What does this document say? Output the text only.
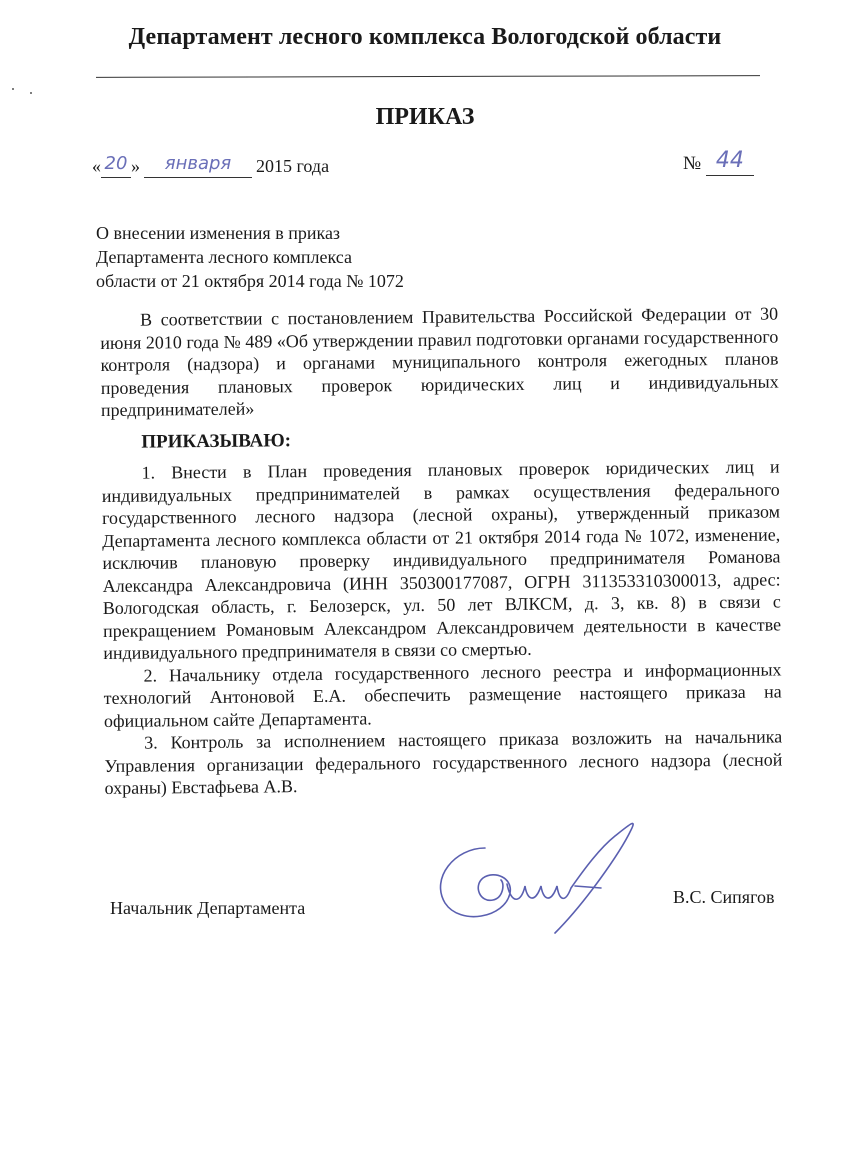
Департамент лесного комплекса Вологодской области
ПРИКАЗ
« 20 » января 2015 года	№ 44
О внесении изменения в приказ
Департамента лесного комплекса
области от 21 октября 2014 года № 1072

В соответствии с постановлением Правительства Российской Федерации от 30 июня 2010 года № 489 «Об утверждении правил подготовки органами государственного контроля (надзора) и органами муниципального контроля ежегодных планов проведения плановых проверок юридических лиц и индивидуальных предпринимателей»

ПРИКАЗЫВАЮ:

1. Внести в План проведения плановых проверок юридических лиц и индивидуальных предпринимателей в рамках осуществления федерального государственного лесного надзора (лесной охраны), утвержденный приказом Департамента лесного комплекса области от 21 октября 2014 года № 1072, изменение, исключив плановую проверку индивидуального предпринимателя Романова Александра Александровича (ИНН 350300177087, ОГРН 311353310300013, адрес: Вологодская область, г. Белозерск, ул. 50 лет ВЛКСМ, д. 3, кв. 8) в связи с прекращением Романовым Александром Александровичем деятельности в качестве индивидуального предпринимателя в связи со смертью.

2. Начальнику отдела государственного лесного реестра и информационных технологий Антоновой Е.А. обеспечить размещение настоящего приказа на официальном сайте Департамента.

3. Контроль за исполнением настоящего приказа возложить на начальника Управления организации федерального государственного лесного надзора (лесной охраны) Евстафьева А.В.

Начальник Департамента
В.С. Сипягов
